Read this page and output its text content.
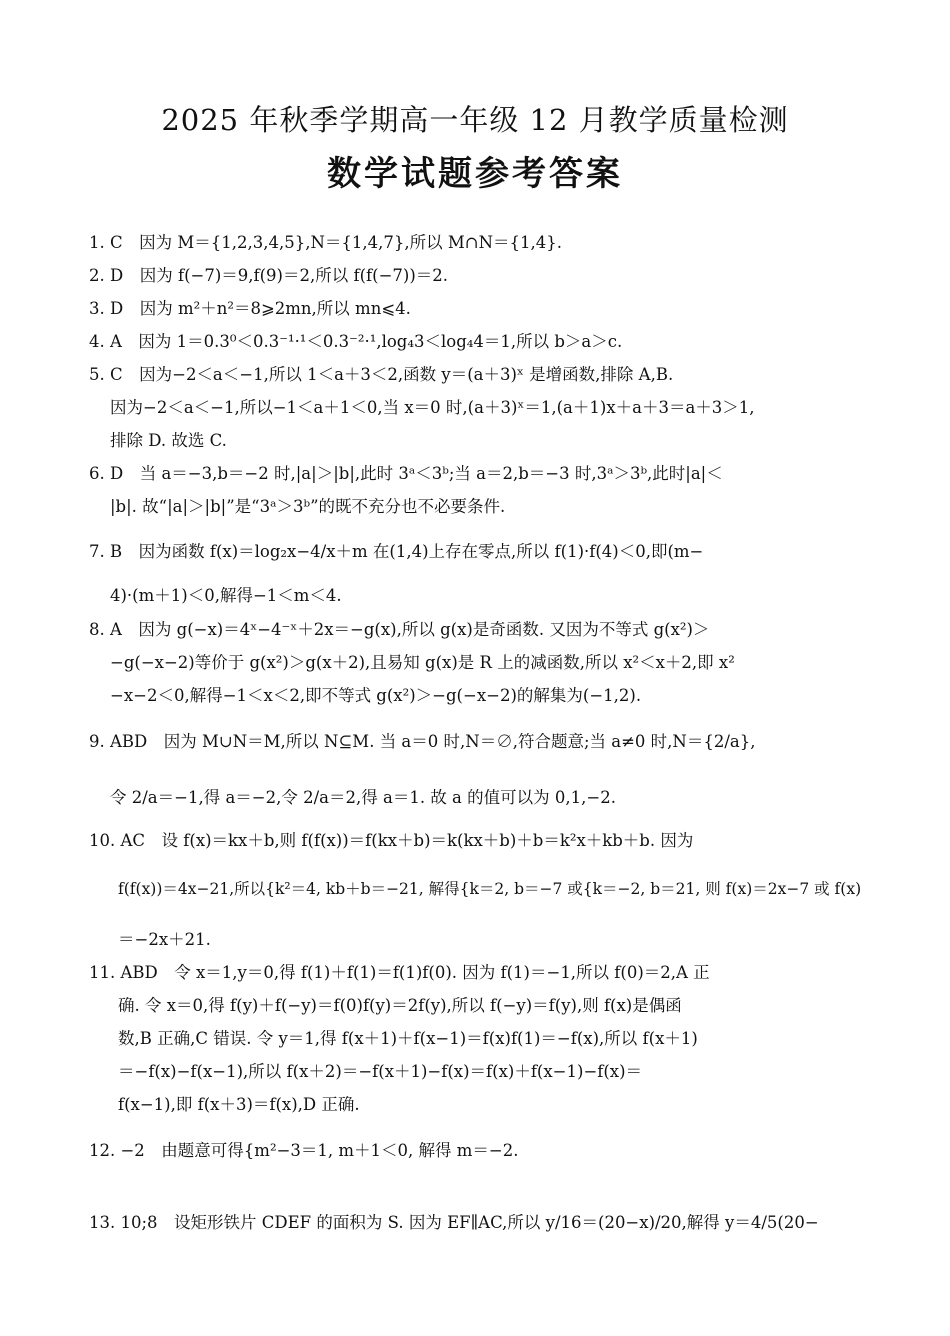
2025 年秋季学期高一年级 12 月教学质量检测
数学试题参考答案
1. C　因为 M＝{1,2,3,4,5},N＝{1,4,7},所以 M∩N＝{1,4}.
2. D　因为 f(−7)＝9,f(9)＝2,所以 f(f(−7))＝2.
3. D　因为 m²＋n²＝8⩾2mn,所以 mn⩽4.
4. A　因为 1＝0.3⁰＜0.3⁻¹·¹＜0.3⁻²·¹,log₄3＜log₄4＝1,所以 b＞a＞c.
5. C　因为−2＜a＜−1,所以 1＜a＋3＜2,函数 y＝(a＋3)ˣ 是增函数,排除 A,B.
因为−2＜a＜−1,所以−1＜a＋1＜0,当 x＝0 时,(a＋3)ˣ＝1,(a＋1)x＋a＋3＝a＋3＞1,
排除 D. 故选 C.
6. D　当 a＝−3,b＝−2 时,|a|＞|b|,此时 3ᵃ＜3ᵇ;当 a＝2,b＝−3 时,3ᵃ＞3ᵇ,此时|a|＜
|b|. 故“|a|＞|b|”是“3ᵃ＞3ᵇ”的既不充分也不必要条件.
7. B　因为函数 f(x)＝log₂x−4/x＋m 在(1,4)上存在零点,所以 f(1)·f(4)＜0,即(m−
4)·(m＋1)＜0,解得−1＜m＜4.
8. A　因为 g(−x)＝4ˣ−4⁻ˣ＋2x＝−g(x),所以 g(x)是奇函数. 又因为不等式 g(x²)＞
−g(−x−2)等价于 g(x²)＞g(x＋2),且易知 g(x)是 R 上的减函数,所以 x²＜x＋2,即 x²
−x−2＜0,解得−1＜x＜2,即不等式 g(x²)＞−g(−x−2)的解集为(−1,2).
9. ABD　因为 M∪N＝M,所以 N⊆M. 当 a＝0 时,N＝∅,符合题意;当 a≠0 时,N＝{2/a},
令 2/a＝−1,得 a＝−2,令 2/a＝2,得 a＝1. 故 a 的值可以为 0,1,−2.
10. AC　设 f(x)＝kx＋b,则 f(f(x))＝f(kx＋b)＝k(kx＋b)＋b＝k²x＋kb＋b. 因为
f(f(x))＝4x−21,所以{k²＝4, kb＋b＝−21, 解得{k＝2, b＝−7 或{k＝−2, b＝21, 则 f(x)＝2x−7 或 f(x)
＝−2x＋21.
11. ABD　令 x＝1,y＝0,得 f(1)＋f(1)＝f(1)f(0). 因为 f(1)＝−1,所以 f(0)＝2,A 正
确. 令 x＝0,得 f(y)＋f(−y)＝f(0)f(y)＝2f(y),所以 f(−y)＝f(y),则 f(x)是偶函
数,B 正确,C 错误. 令 y＝1,得 f(x＋1)＋f(x−1)＝f(x)f(1)＝−f(x),所以 f(x＋1)
＝−f(x)−f(x−1),所以 f(x＋2)＝−f(x＋1)−f(x)＝f(x)＋f(x−1)−f(x)＝
f(x−1),即 f(x＋3)＝f(x),D 正确.
12. −2　由题意可得{m²−3＝1, m＋1＜0, 解得 m＝−2.
13. 10;8　设矩形铁片 CDEF 的面积为 S. 因为 EF∥AC,所以 y/16＝(20−x)/20,解得 y＝4/5(20−
